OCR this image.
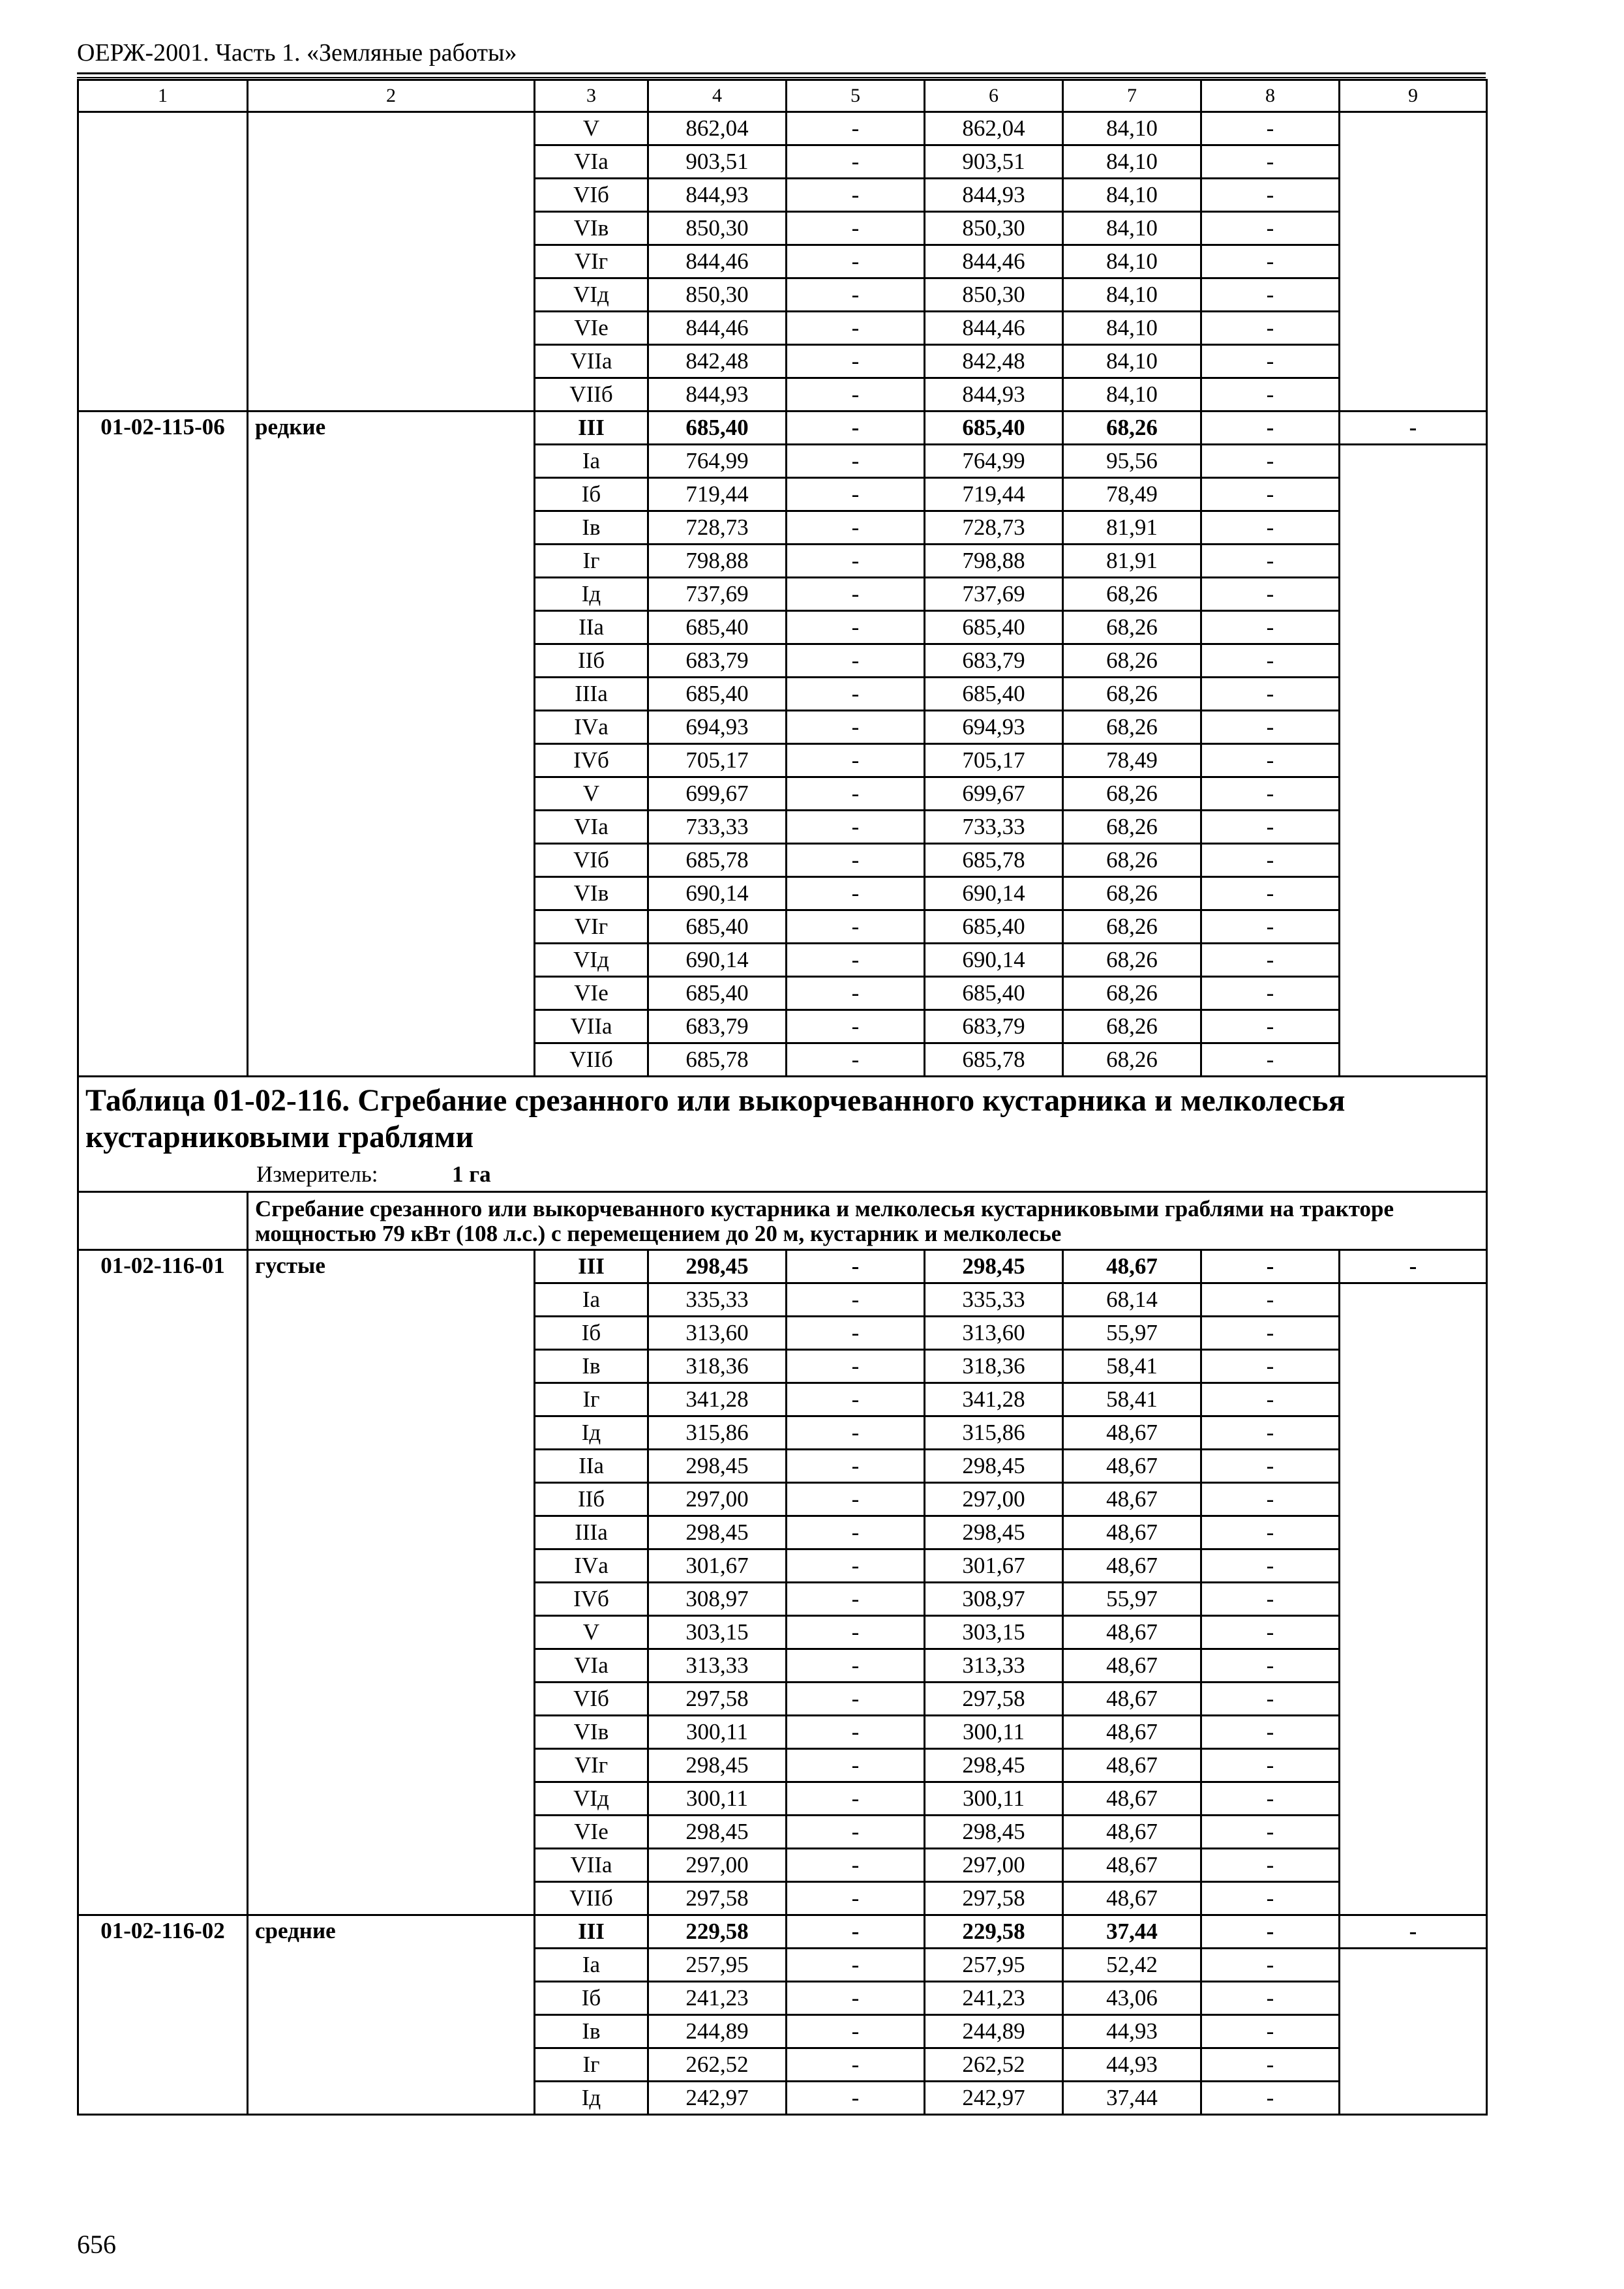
ОЕРЖ-2001. Часть 1. «Земляные работы»
1	2	3	4	5	6	7	8	9
		V	862,04	-	862,04	84,10	-	
		VIа	903,51	-	903,51	84,10	-	
		VIб	844,93	-	844,93	84,10	-	
		VIв	850,30	-	850,30	84,10	-	
		VIг	844,46	-	844,46	84,10	-	
		VIд	850,30	-	850,30	84,10	-	
		VIе	844,46	-	844,46	84,10	-	
		VIIа	842,48	-	842,48	84,10	-	
		VIIб	844,93	-	844,93	84,10	-	
01-02-115-06	редкие	III	685,40	-	685,40	68,26	-	-
		Iа	764,99	-	764,99	95,56	-	
		Iб	719,44	-	719,44	78,49	-	
		Iв	728,73	-	728,73	81,91	-	
		Iг	798,88	-	798,88	81,91	-	
		Iд	737,69	-	737,69	68,26	-	
		IIа	685,40	-	685,40	68,26	-	
		IIб	683,79	-	683,79	68,26	-	
		IIIа	685,40	-	685,40	68,26	-	
		IVа	694,93	-	694,93	68,26	-	
		IVб	705,17	-	705,17	78,49	-	
		V	699,67	-	699,67	68,26	-	
		VIа	733,33	-	733,33	68,26	-	
		VIб	685,78	-	685,78	68,26	-	
		VIв	690,14	-	690,14	68,26	-	
		VIг	685,40	-	685,40	68,26	-	
		VIд	690,14	-	690,14	68,26	-	
		VIе	685,40	-	685,40	68,26	-	
		VIIа	683,79	-	683,79	68,26	-	
		VIIб	685,78	-	685,78	68,26	-	

Таблица 01-02-116. Сгребание срезанного или выкорчеванного кустарника и мелколесья кустарниковыми граблями
Измеритель: 1 га								

	Сгребание срезанного или выкорчеванного кустарника и мелколесья кустарниковыми граблями на тракторе мощностью 79 кВт (108 л.с.) с перемещением до 20 м, кустарник и мелколесье							
01-02-116-01	густые	III	298,45	-	298,45	48,67	-	-
		Iа	335,33	-	335,33	68,14	-	
		Iб	313,60	-	313,60	55,97	-	
		Iв	318,36	-	318,36	58,41	-	
		Iг	341,28	-	341,28	58,41	-	
		Iд	315,86	-	315,86	48,67	-	
		IIа	298,45	-	298,45	48,67	-	
		IIб	297,00	-	297,00	48,67	-	
		IIIа	298,45	-	298,45	48,67	-	
		IVа	301,67	-	301,67	48,67	-	
		IVб	308,97	-	308,97	55,97	-	
		V	303,15	-	303,15	48,67	-	
		VIа	313,33	-	313,33	48,67	-	
		VIб	297,58	-	297,58	48,67	-	
		VIв	300,11	-	300,11	48,67	-	
		VIг	298,45	-	298,45	48,67	-	
		VIд	300,11	-	300,11	48,67	-	
		VIе	298,45	-	298,45	48,67	-	
		VIIа	297,00	-	297,00	48,67	-	
		VIIб	297,58	-	297,58	48,67	-	
01-02-116-02	средние	III	229,58	-	229,58	37,44	-	-
		Iа	257,95	-	257,95	52,42	-	
		Iб	241,23	-	241,23	43,06	-	
		Iв	244,89	-	244,89	44,93	-	
		Iг	262,52	-	262,52	44,93	-	
		Iд	242,97	-	242,97	37,44	-	
656
